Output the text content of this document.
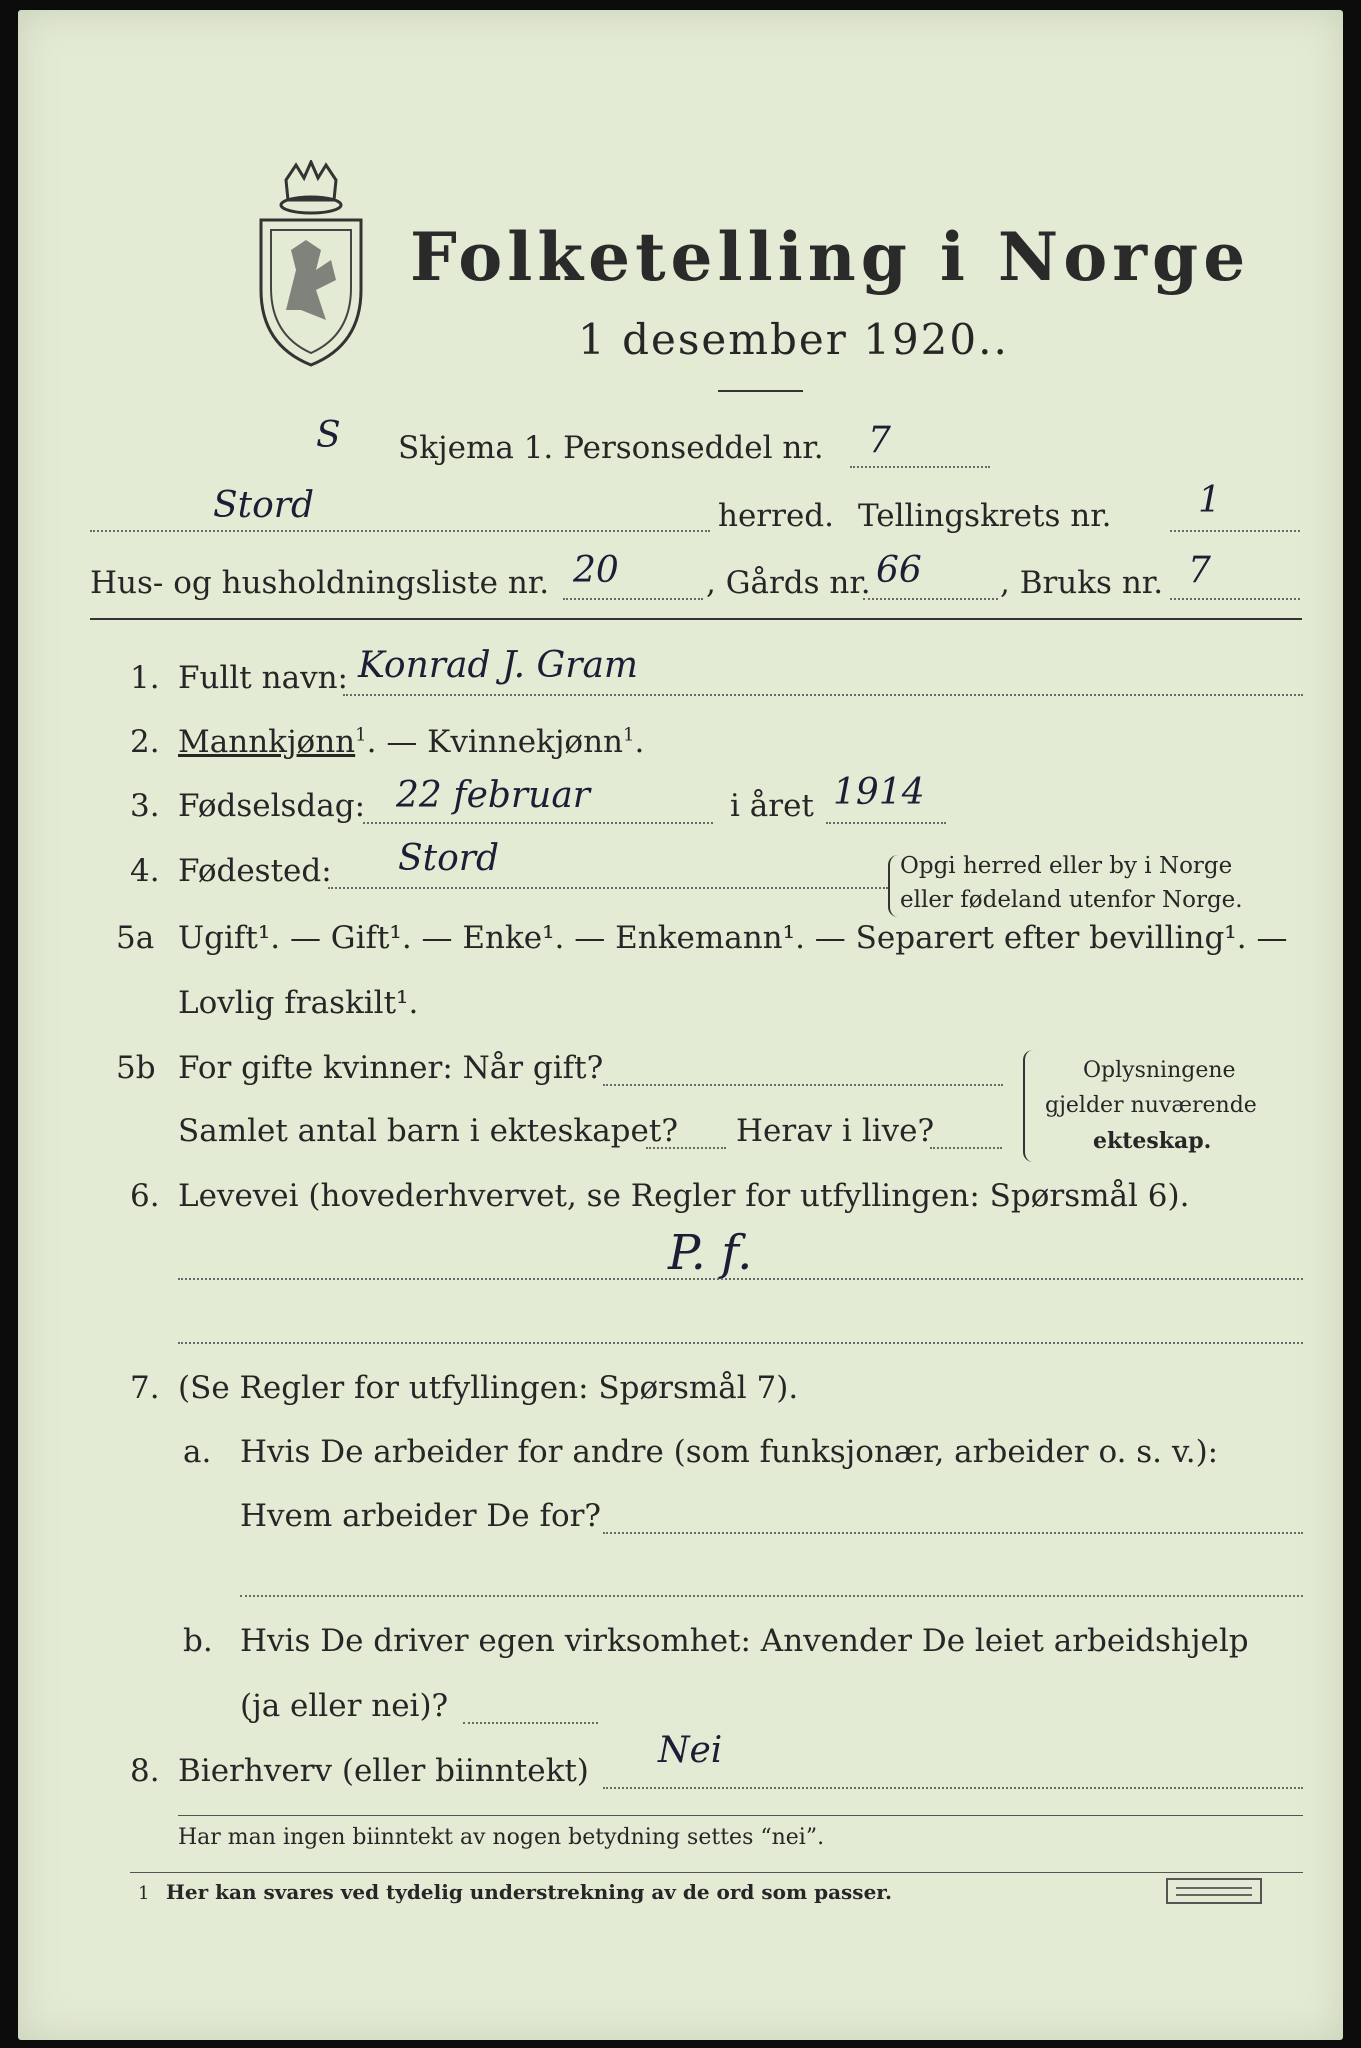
Folketelling i Norge
1 desember 1920..
S Skjema 1. Personseddel nr. 7
Stord	herred. Tellingskrets nr. 1
Hus- og husholdningsliste nr. 20	, Gårds nr. 66	, Bruks nr. 7
1. Fullt navn: Konrad J. Gram
2. Mannkjønn$^1$. — Kvinnekjønn$^1$.
3. Fødselsdag: 22 februar	i året 1914
4. Fødested: Stord	Opgi herred eller by i Norge
eller fødeland utenfor Norge.
5a Ugift¹. — Gift¹. — Enke¹. — Enkemann¹. — Separert efter bevilling¹. —
Lovlig fraskilt¹.
5b For gifte kvinner: Når gift?
Samlet antal barn i ekteskapet? Herav i live?
Oplysningene
gjelder nuværende
ekteskap.
6. Levevei (hovederhvervet, se Regler for utfyllingen: Spørsmål 6).
P. f.
7. (Se Regler for utfyllingen: Spørsmål 7).
a. Hvis De arbeider for andre (som funksjonær, arbeider o. s. v.):
Hvem arbeider De for?
b. Hvis De driver egen virksomhet: Anvender De leiet arbeidshjelp
(ja eller nei)?
8. Bierhverv (eller biinntekt) Nei
Har man ingen biinntekt av nogen betydning settes “nei”.
1 Her kan svares ved tydelig understrekning av de ord som passer.
